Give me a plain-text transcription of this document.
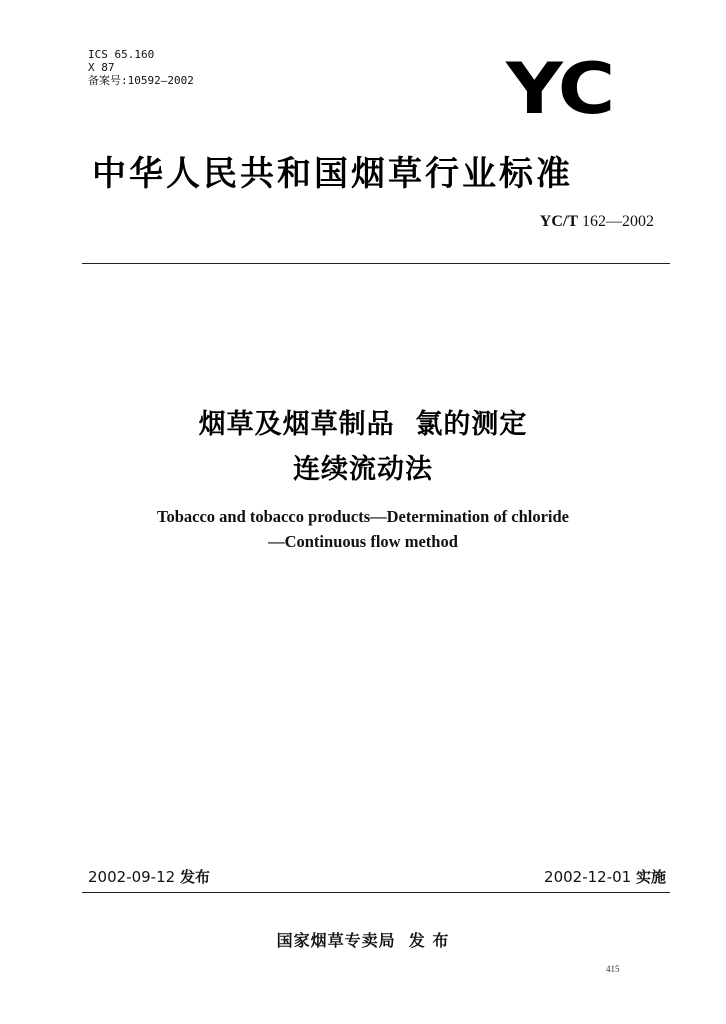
ICS 65.160
X 87
备案号:10592—2002	YC
中华人民共和国烟草行业标准
YC/T 162—2002
烟草及烟草制品  氯的测定
连续流动法
Tobacco and tobacco products—Determination of chloride
—Continuous flow method
2002-09-12 发布	2002-12-01 实施
国家烟草专卖局  发 布
415
